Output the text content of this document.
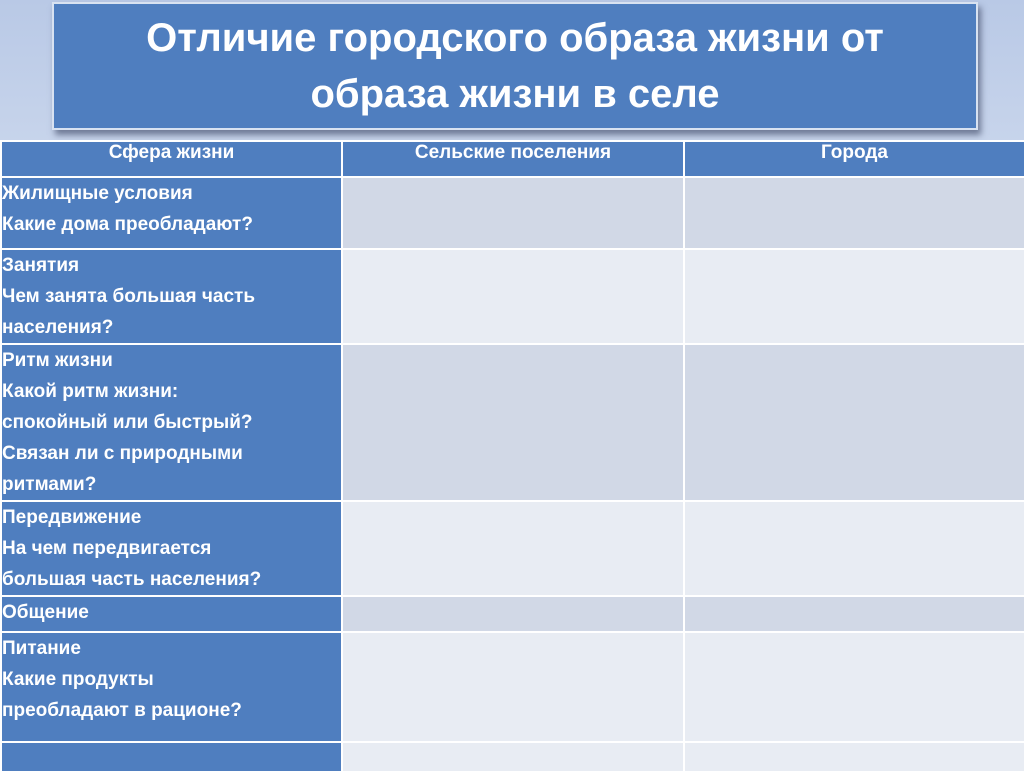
Отличие городского образа жизни от образа жизни в селе
Сфера жизни	Сельские поселения	Города

Жилищные условия
Какие дома преобладают?		

Занятия
Чем занята большая часть
населения?		

Ритм жизни
Какой ритм жизни:
спокойный или быстрый?
Связан ли с природными
ритмами?		

Передвижение
На чем передвигается
большая часть населения?		

Общение		

Питание
Какие продукты
преобладают в рационе?		
